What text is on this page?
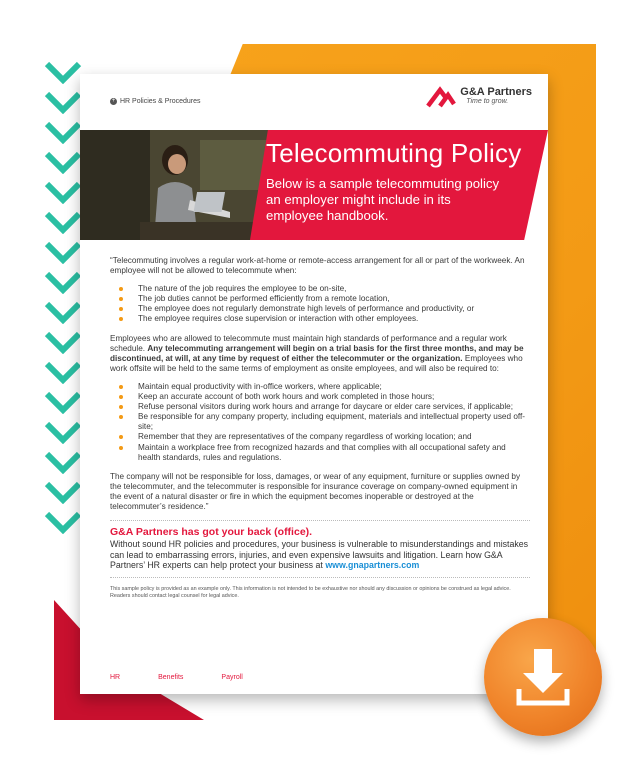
+ HR Policies & Procedures
G&A Partners
Time to grow.
Telecommuting Policy
Below is a sample telecommuting policy an employer might include in its employee handbook.

“Telecommuting involves a regular work-at-home or remote-access arrangement for all or part of the workweek. An employee will not be allowed to telecommute when:

The nature of the job requires the employee to be on-site,
The job duties cannot be performed efficiently from a remote location,
The employee does not regularly demonstrate high levels of performance and productivity, or
The employee requires close supervision or interaction with other employees.

Employees who are allowed to telecommute must maintain high standards of performance and a regular work schedule. Any telecommuting arrangement will begin on a trial basis for the first three months, and may be discontinued, at will, at any time by request of either the telecommuter or the organization. Employees who work offsite will be held to the same terms of employment as onsite employees, and will also be required to:

Maintain equal productivity with in-office workers, where applicable;
Keep an accurate account of both work hours and work completed in those hours;
Refuse personal visitors during work hours and arrange for daycare or elder care services, if applicable;
Be responsible for any company property, including equipment, materials and intellectual property used off-site;
Remember that they are representatives of the company regardless of working location; and
Maintain a workplace free from recognized hazards and that complies with all occupational safety and health standards, rules and regulations.

The company will not be responsible for loss, damages, or wear of any equipment, furniture or supplies owned by the telecommuter, and the telecommuter is responsible for insurance coverage on company-owned equipment in the event of a natural disaster or fire in which the equipment becomes inoperable or destroyed at the telecommuter’s residence.”

G&A Partners has got your back (office).
Without sound HR policies and procedures, your business is vulnerable to misunderstandings and mistakes can lead to embarrassing errors, injuries, and even expensive lawsuits and litigation. Learn how G&A Partners’ HR experts can help protect your business at www.gnapartners.com
This sample policy is provided as an example only. This information is not intended to be exhaustive nor should any discussion or opinions be construed as legal advice. Readers should contact legal counsel for legal advice.
HR	Benefits	Payroll
